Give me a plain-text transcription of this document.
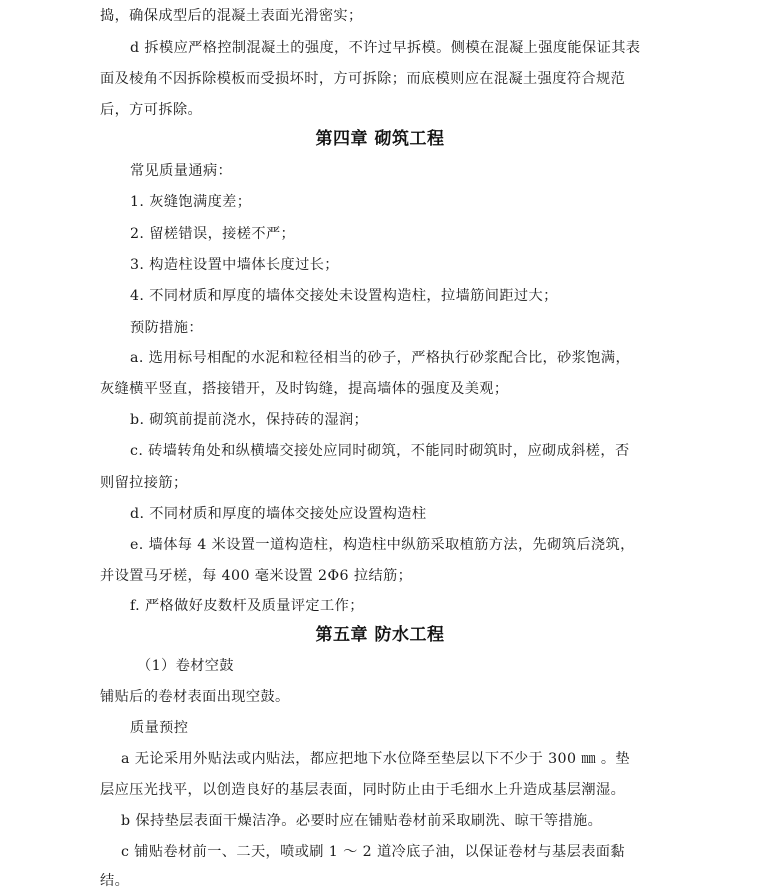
捣，确保成型后的混凝土表面光滑密实；
d 拆模应严格控制混凝土的强度，不许过早拆模。侧模在混凝上强度能保证其表
面及棱角不因拆除模板而受损坏时，方可拆除；而底模则应在混凝土强度符合规范
后，方可拆除。
第四章 砌筑工程
常见质量通病：
1. 灰缝饱满度差；
2. 留槎错误，接槎不严；
3. 构造柱设置中墙体长度过长；
4. 不同材质和厚度的墙体交接处未设置构造柱，拉墙筋间距过大；
预防措施：
a. 选用标号相配的水泥和粒径相当的砂子，严格执行砂浆配合比，砂浆饱满，
灰缝横平竖直，搭接错开，及时钩缝，提高墙体的强度及美观；
b. 砌筑前提前浇水，保持砖的湿润；
c. 砖墙转角处和纵横墙交接处应同时砌筑，不能同时砌筑时，应砌成斜槎，否
则留拉接筋；
d. 不同材质和厚度的墙体交接处应设置构造柱
e. 墙体每 4 米设置一道构造柱，构造柱中纵筋采取植筋方法，先砌筑后浇筑，
并设置马牙槎，每 400 毫米设置 2Φ6 拉结筋；
f. 严格做好皮数杆及质量评定工作；
第五章 防水工程
（1）卷材空鼓
铺贴后的卷材表面出现空鼓。
质量预控
a 无论采用外贴法或内贴法，都应把地下水位降至垫层以下不少于 300 ㎜ 。垫
层应压光找平，以创造良好的基层表面，同时防止由于毛细水上升造成基层潮湿。
b 保持垫层表面干燥洁净。必要时应在铺贴卷材前采取刷洗、晾干等措施。
c 铺贴卷材前一、二天，喷或刷 1 ～ 2 道冷底子油，以保证卷材与基层表面黏
结。
